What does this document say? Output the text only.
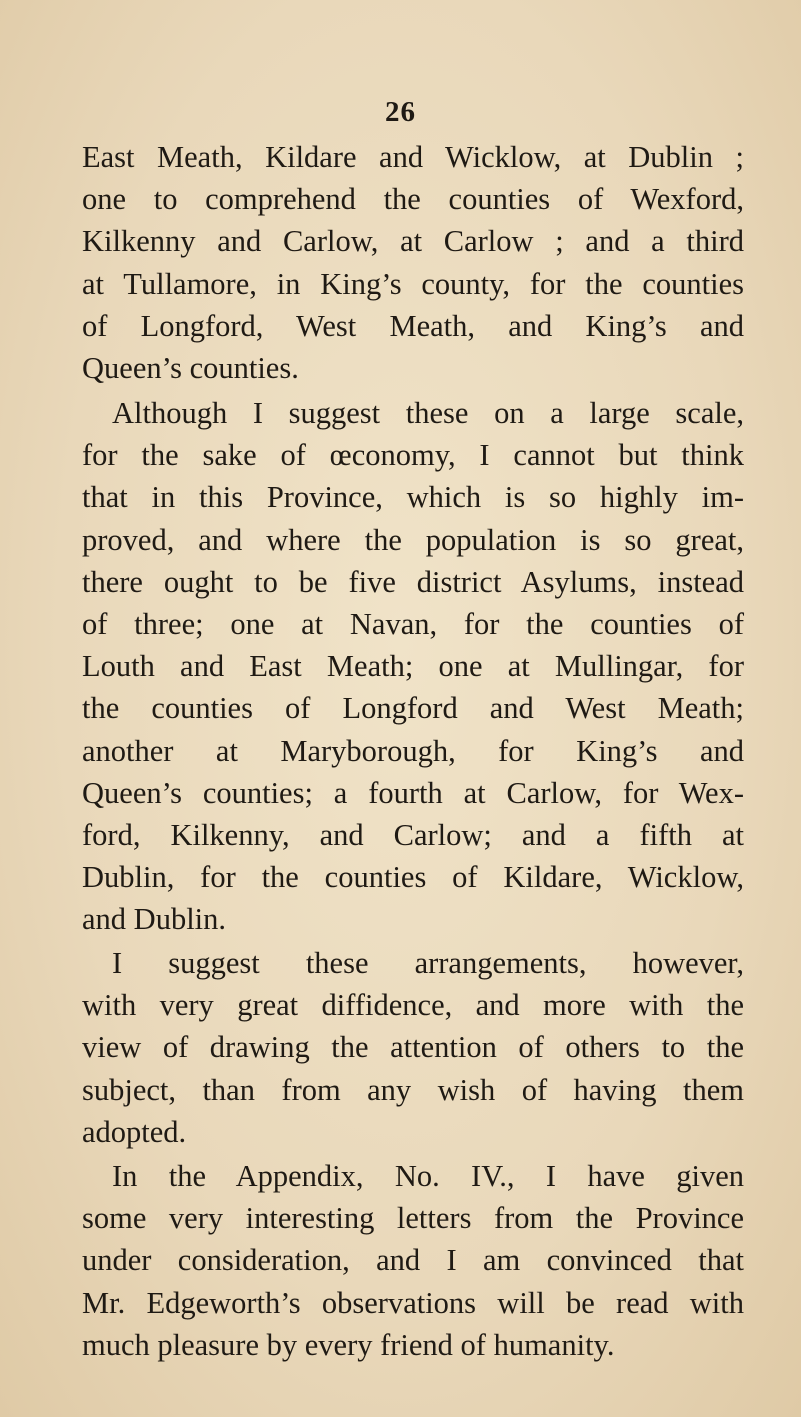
26
East Meath, Kildare and Wicklow, at Dublin ;
one to comprehend the counties of Wexford,
Kilkenny and Carlow, at Carlow ; and a third
at Tullamore, in King’s county, for the counties
of Longford, West Meath, and King’s and
Queen’s counties.
Although I suggest these on a large scale,
for the sake of œconomy, I cannot but think
that in this Province, which is so highly im-
proved, and where the population is so great,
there ought to be five district Asylums, instead
of three; one at Navan, for the counties of
Louth and East Meath; one at Mullingar, for
the counties of Longford and West Meath;
another at Maryborough, for King’s and
Queen’s counties; a fourth at Carlow, for Wex-
ford, Kilkenny, and Carlow; and a fifth at
Dublin, for the counties of Kildare, Wicklow,
and Dublin.
I suggest these arrangements, however,
with very great diffidence, and more with the
view of drawing the attention of others to the
subject, than from any wish of having them
adopted.
In the Appendix, No. IV., I have given
some very interesting letters from the Province
under consideration, and I am convinced that
Mr. Edgeworth’s observations will be read with
much pleasure by every friend of humanity.
